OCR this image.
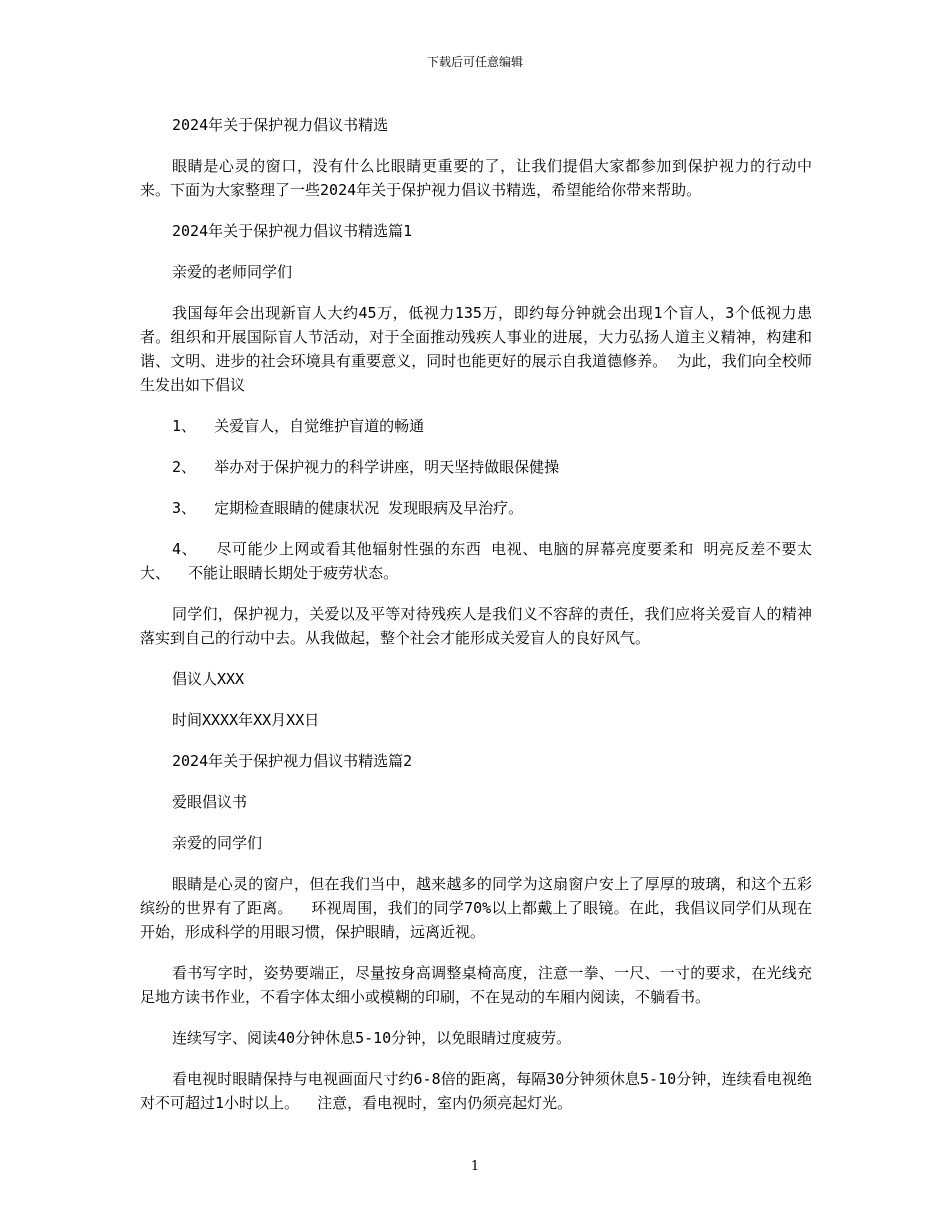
下载后可任意编辑

2024年关于保护视力倡议书精选

眼睛是心灵的窗口，没有什么比眼睛更重要的了，让我们提倡大家都参加到保护视力的行动中来。下面为大家整理了一些2024年关于保护视力倡议书精选，希望能给你带来帮助。

2024年关于保护视力倡议书精选篇1

亲爱的老师同学们

我国每年会出现新盲人大约45万，低视力135万，即约每分钟就会出现1个盲人，3个低视力患者。组织和开展国际盲人节活动，对于全面推动残疾人事业的进展，大力弘扬人道主义精神，构建和谐、文明、进步的社会环境具有重要意义，同时也能更好的展示自我道德修养。 为此，我们向全校师生发出如下倡议

1、  关爱盲人，自觉维护盲道的畅通

2、  举办对于保护视力的科学讲座，明天坚持做眼保健操

3、  定期检查眼睛的健康状况 发现眼病及早治疗。

4、  尽可能少上网或看其他辐射性强的东西 电视、电脑的屏幕亮度要柔和 明亮反差不要太大、  不能让眼睛长期处于疲劳状态。

同学们，保护视力，关爱以及平等对待残疾人是我们义不容辞的责任，我们应将关爱盲人的精神落实到自己的行动中去。从我做起，整个社会才能形成关爱盲人的良好风气。

倡议人XXX

时间XXXX年XX月XX日

2024年关于保护视力倡议书精选篇2

爱眼倡议书

亲爱的同学们

眼睛是心灵的窗户，但在我们当中，越来越多的同学为这扇窗户安上了厚厚的玻璃，和这个五彩缤纷的世界有了距离。  环视周围，我们的同学70%以上都戴上了眼镜。在此，我倡议同学们从现在开始，形成科学的用眼习惯，保护眼睛，远离近视。

看书写字时，姿势要端正，尽量按身高调整桌椅高度，注意一拳、一尺、一寸的要求，在光线充足地方读书作业，不看字体太细小或模糊的印刷，不在晃动的车厢内阅读，不躺看书。

连续写字、阅读40分钟休息5-10分钟，以免眼睛过度疲劳。

看电视时眼睛保持与电视画面尺寸约6-8倍的距离，每隔30分钟须休息5-10分钟，连续看电视绝对不可超过1小时以上。  注意，看电视时，室内仍须亮起灯光。

1
